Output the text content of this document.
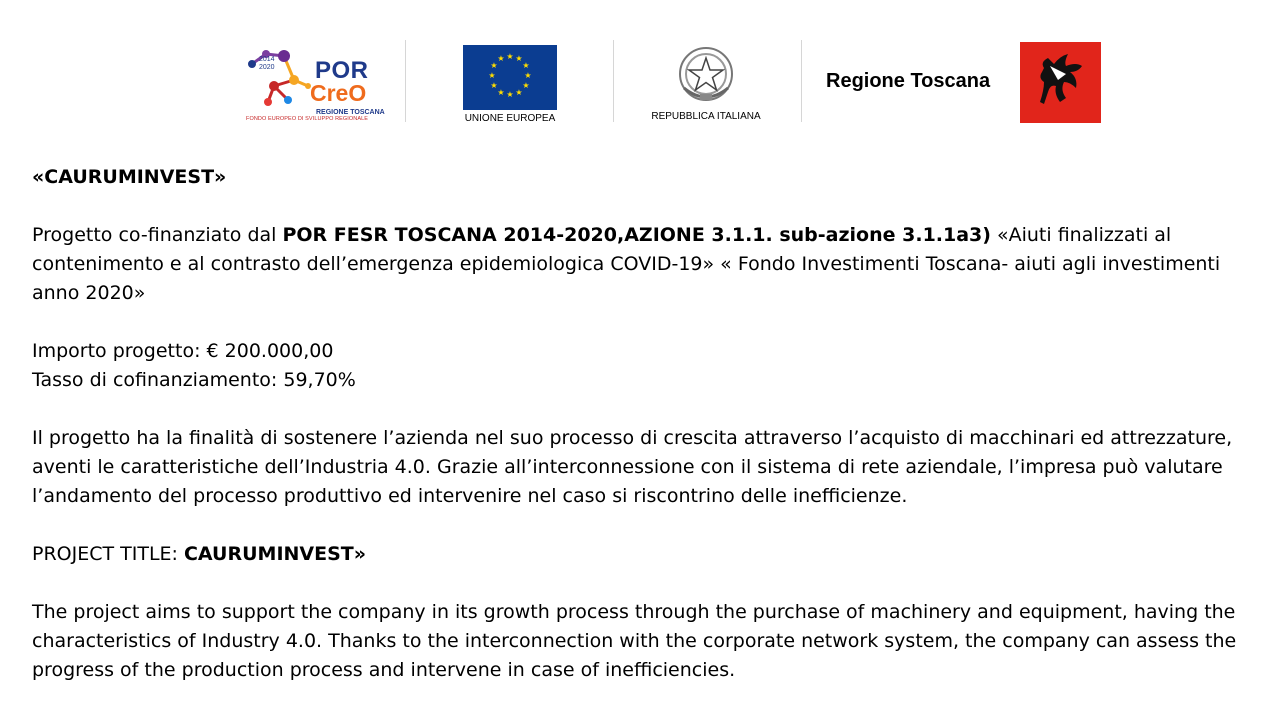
2014
2020 POR
CreO
REGIONE TOSCANA
FONDO EUROPEO DI SVILUPPO REGIONALE
★ ★
★
★
★
★
★
★
★
★
★
★
UNIONE EUROPEA	REPUBBLICA ITALIANA
Regione Toscana

«CAURUMINVEST»

Progetto co-finanziato dal POR FESR TOSCANA 2014-2020,AZIONE 3.1.1. sub-azione 3.1.1a3) «Aiuti finalizzati al contenimento e al contrasto dell’emergenza epidemiologica COVID-19» « Fondo Investimenti Toscana- aiuti agli investimenti anno 2020»

Importo progetto: € 200.000,00
Tasso di cofinanziamento: 59,70%

Il progetto ha la finalità di sostenere l’azienda nel suo processo di crescita attraverso l’acquisto di macchinari ed attrezzature, aventi le caratteristiche dell’Industria 4.0. Grazie all’interconnessione con il sistema di rete aziendale, l’impresa può valutare l’andamento del processo produttivo ed intervenire nel caso si riscontrino delle inefficienze.

PROJECT TITLE: CAURUMINVEST»

The project aims to support the company in its growth process through the purchase of machinery and equipment, having the characteristics of Industry 4.0. Thanks to the interconnection with the corporate network system, the company can assess the progress of the production process and intervene in case of inefficiencies.
